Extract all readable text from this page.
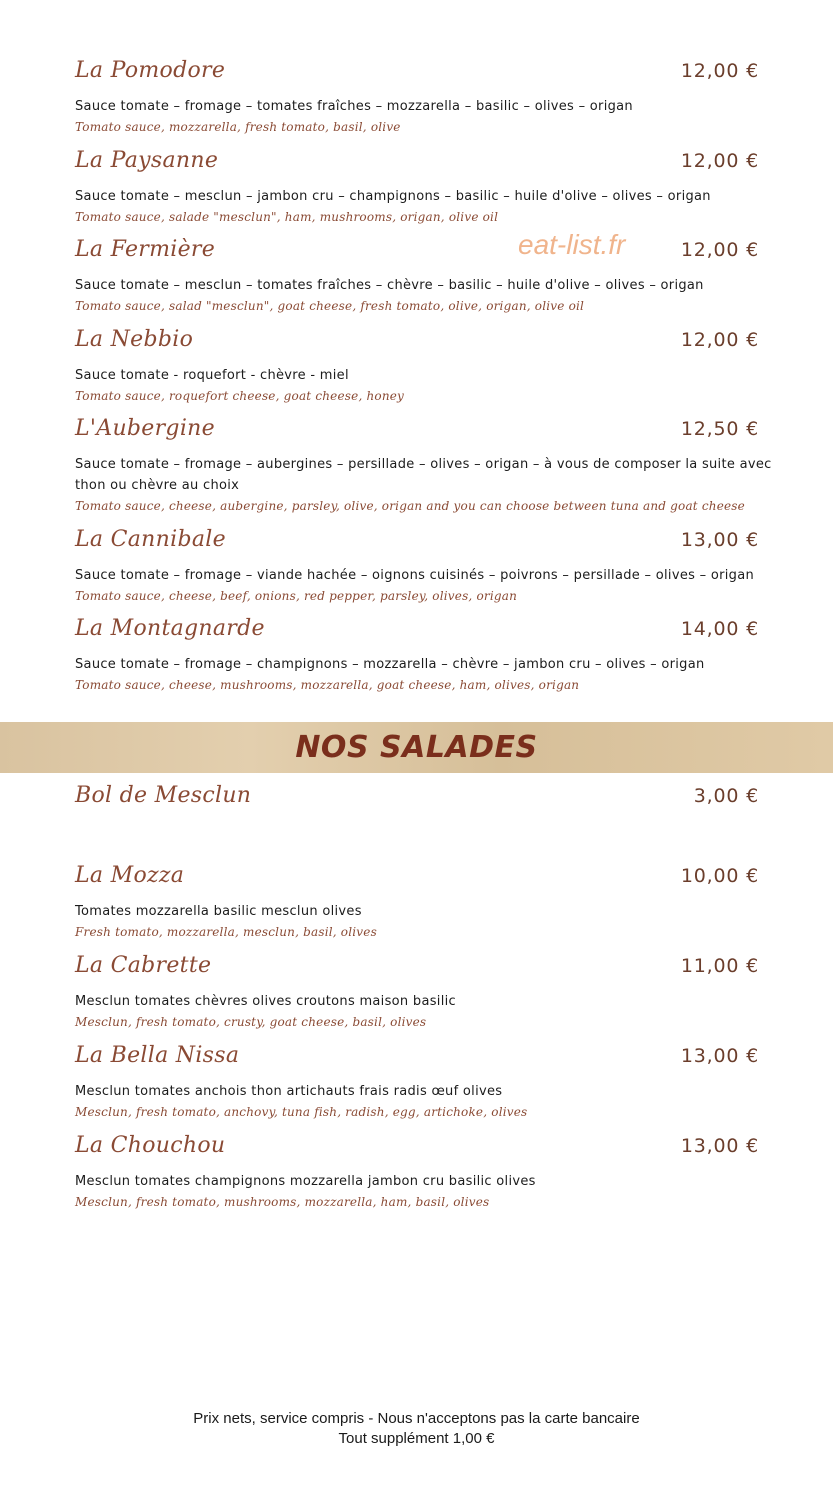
La Pomodore	12,00 €
Sauce tomate – fromage – tomates fraîches – mozzarella – basilic – olives – origan
Tomato sauce, mozzarella, fresh tomato, basil, olive
La Paysanne	12,00 €
Sauce tomate – mesclun – jambon cru – champignons – basilic – huile d'olive – olives – origan
Tomato sauce, salade "mesclun", ham, mushrooms, origan, olive oil
La Fermière	12,00 €
Sauce tomate – mesclun – tomates fraîches – chèvre – basilic – huile d'olive – olives – origan
Tomato sauce, salad "mesclun", goat cheese, fresh tomato, olive, origan, olive oil
eat-list.fr
La Nebbio	12,00 €
Sauce tomate - roquefort - chèvre - miel
Tomato sauce, roquefort cheese, goat cheese, honey
L'Aubergine	12,50 €
Sauce tomate – fromage – aubergines – persillade – olives – origan – à vous de composer la suite avec thon ou chèvre au choix
Tomato sauce, cheese, aubergine, parsley, olive, origan and you can choose between tuna and goat cheese
La Cannibale	13,00 €
Sauce tomate – fromage – viande hachée – oignons cuisinés – poivrons – persillade – olives – origan
Tomato sauce, cheese, beef, onions, red pepper, parsley, olives, origan
La Montagnarde	14,00 €
Sauce tomate – fromage – champignons – mozzarella – chèvre – jambon cru – olives – origan
Tomato sauce, cheese, mushrooms, mozzarella, goat cheese, ham, olives, origan
NOS SALADES
Bol de Mesclun	3,00 €
La Mozza	10,00 €
Tomates mozzarella basilic mesclun olives
Fresh tomato, mozzarella, mesclun, basil, olives
La Cabrette	11,00 €
Mesclun tomates chèvres olives croutons maison basilic
Mesclun, fresh tomato, crusty, goat cheese, basil, olives
La Bella Nissa	13,00 €
Mesclun tomates anchois thon artichauts frais radis œuf olives
Mesclun, fresh tomato, anchovy, tuna fish, radish, egg, artichoke, olives
La Chouchou	13,00 €
Mesclun tomates champignons mozzarella jambon cru basilic olives
Mesclun, fresh tomato, mushrooms, mozzarella, ham, basil, olives
Prix nets, service compris - Nous n'acceptons pas la carte bancaire
Tout supplément 1,00 €
